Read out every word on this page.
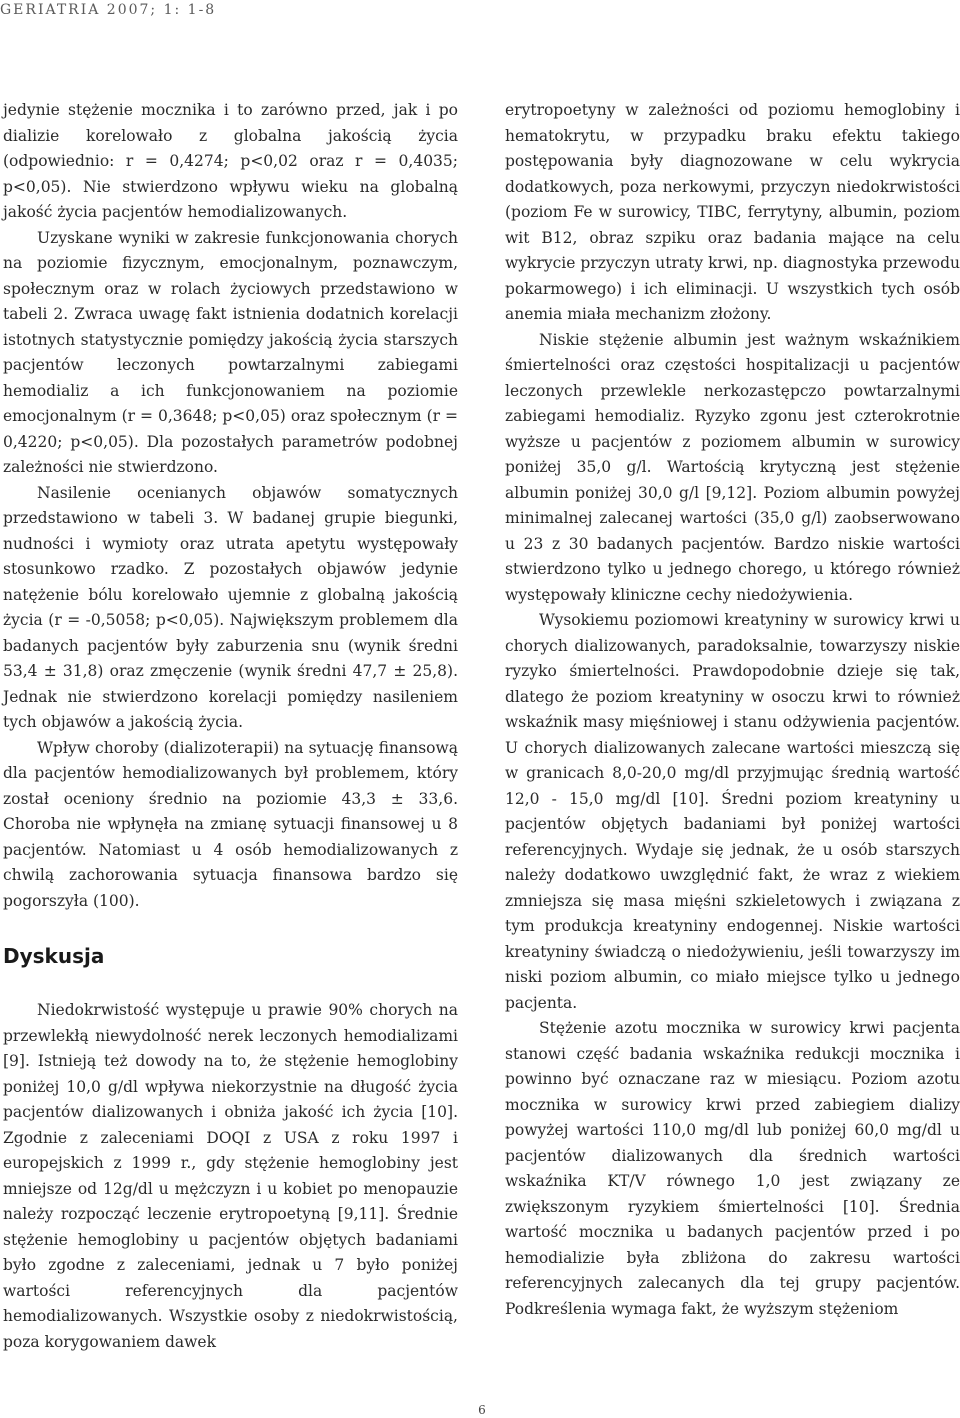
GERIATRIA 2007; 1: 1-8

jedynie stężenie mocznika i to zarówno przed, jak i po dializie korelowało z globalna jakością życia (odpowiednio: r = 0,4274; p<0,02 oraz r = 0,4035; p<0,05). Nie stwierdzono wpływu wieku na globalną jakość życia pacjentów hemodializowanych.

Uzyskane wyniki w zakresie funkcjonowania chorych na poziomie fizycznym, emocjonalnym, poznawczym, społecznym oraz w rolach życiowych przedstawiono w tabeli 2. Zwraca uwagę fakt istnienia dodatnich korelacji istotnych statystycznie pomiędzy jakością życia starszych pacjentów leczonych powtarzalnymi zabiegami hemodializ a ich funkcjonowaniem na poziomie emocjonalnym (r = 0,3648; p<0,05) oraz społecznym (r = 0,4220; p<0,05). Dla pozostałych parametrów podobnej zależności nie stwierdzono.

Nasilenie ocenianych objawów somatycznych przedstawiono w tabeli 3. W badanej grupie biegunki, nudności i wymioty oraz utrata apetytu występowały stosunkowo rzadko. Z pozostałych objawów jedynie natężenie bólu korelowało ujemnie z globalną jakością życia (r = -0,5058; p<0,05). Największym problemem dla badanych pacjentów były zaburzenia snu (wynik średni 53,4 ± 31,8) oraz zmęczenie (wynik średni 47,7 ± 25,8). Jednak nie stwierdzono korelacji pomiędzy nasileniem tych objawów a jakością życia.

Wpływ choroby (dializoterapii) na sytuację finansową dla pacjentów hemodializowanych był problemem, który został oceniony średnio na poziomie 43,3 ± 33,6. Choroba nie wpłynęła na zmianę sytuacji finansowej u 8 pacjentów. Natomiast u 4 osób hemodializowanych z chwilą zachorowania sytuacja finansowa bardzo się pogorszyła (100).

Dyskusja

Niedokrwistość występuje u prawie 90% chorych na przewlekłą niewydolność nerek leczonych hemodializami [9]. Istnieją też dowody na to, że stężenie hemoglobiny poniżej 10,0 g/dl wpływa niekorzystnie na długość życia pacjentów dializowanych i obniża jakość ich życia [10]. Zgodnie z zaleceniami DOQI z USA z roku 1997 i europejskich z 1999 r., gdy stężenie hemoglobiny jest mniejsze od 12g/dl u mężczyzn i u kobiet po menopauzie należy rozpocząć leczenie erytropoetyną [9,11]. Średnie stężenie hemoglobiny u pacjentów objętych badaniami było zgodne z zaleceniami, jednak u 7 było poniżej wartości referencyjnych dla pacjentów hemodializowanych. Wszystkie osoby z niedokrwistością, poza korygowaniem dawek

erytropoetyny w zależności od poziomu hemoglobiny i hematokrytu, w przypadku braku efektu takiego postępowania były diagnozowane w celu wykrycia dodatkowych, poza nerkowymi, przyczyn niedokrwistości (poziom Fe w surowicy, TIBC, ferrytyny, albumin, poziom wit B12, obraz szpiku oraz badania mające na celu wykrycie przyczyn utraty krwi, np. diagnostyka przewodu pokarmowego) i ich eliminacji. U wszystkich tych osób anemia miała mechanizm złożony.

Niskie stężenie albumin jest ważnym wskaźnikiem śmiertelności oraz częstości hospitalizacji u pacjentów leczonych przewlekle nerkozastępczo powtarzalnymi zabiegami hemodializ. Ryzyko zgonu jest czterokrotnie wyższe u pacjentów z poziomem albumin w surowicy poniżej 35,0 g/l. Wartością krytyczną jest stężenie albumin poniżej 30,0 g/l [9,12]. Poziom albumin powyżej minimalnej zalecanej wartości (35,0 g/l) zaobserwowano u 23 z 30 badanych pacjentów. Bardzo niskie wartości stwierdzono tylko u jednego chorego, u którego również występowały kliniczne cechy niedożywienia.

Wysokiemu poziomowi kreatyniny w surowicy krwi u chorych dializowanych, paradoksalnie, towarzyszy niskie ryzyko śmiertelności. Prawdopodobnie dzieje się tak, dlatego że poziom kreatyniny w osoczu krwi to również wskaźnik masy mięśniowej i stanu odżywienia pacjentów. U chorych dializowanych zalecane wartości mieszczą się w granicach 8,0-20,0 mg/dl przyjmując średnią wartość 12,0 - 15,0 mg/dl [10]. Średni poziom kreatyniny u pacjentów objętych badaniami był poniżej wartości referencyjnych. Wydaje się jednak, że u osób starszych należy dodatkowo uwzględnić fakt, że wraz z wiekiem zmniejsza się masa mięśni szkieletowych i związana z tym produkcja kreatyniny endogennej. Niskie wartości kreatyniny świadczą o niedożywieniu, jeśli towarzyszy im niski poziom albumin, co miało miejsce tylko u jednego pacjenta.

Stężenie azotu mocznika w surowicy krwi pacjenta stanowi część badania wskaźnika redukcji mocznika i powinno być oznaczane raz w miesiącu. Poziom azotu mocznika w surowicy krwi przed zabiegiem dializy powyżej wartości 110,0 mg/dl lub poniżej 60,0 mg/dl u pacjentów dializowanych dla średnich wartości wskaźnika KT/V równego 1,0 jest związany ze zwiększonym ryzykiem śmiertelności [10]. Średnia wartość mocznika u badanych pacjentów przed i po hemodializie była zbliżona do zakresu wartości referencyjnych zalecanych dla tej grupy pacjentów. Podkreślenia wymaga fakt, że wyższym stężeniom

6
